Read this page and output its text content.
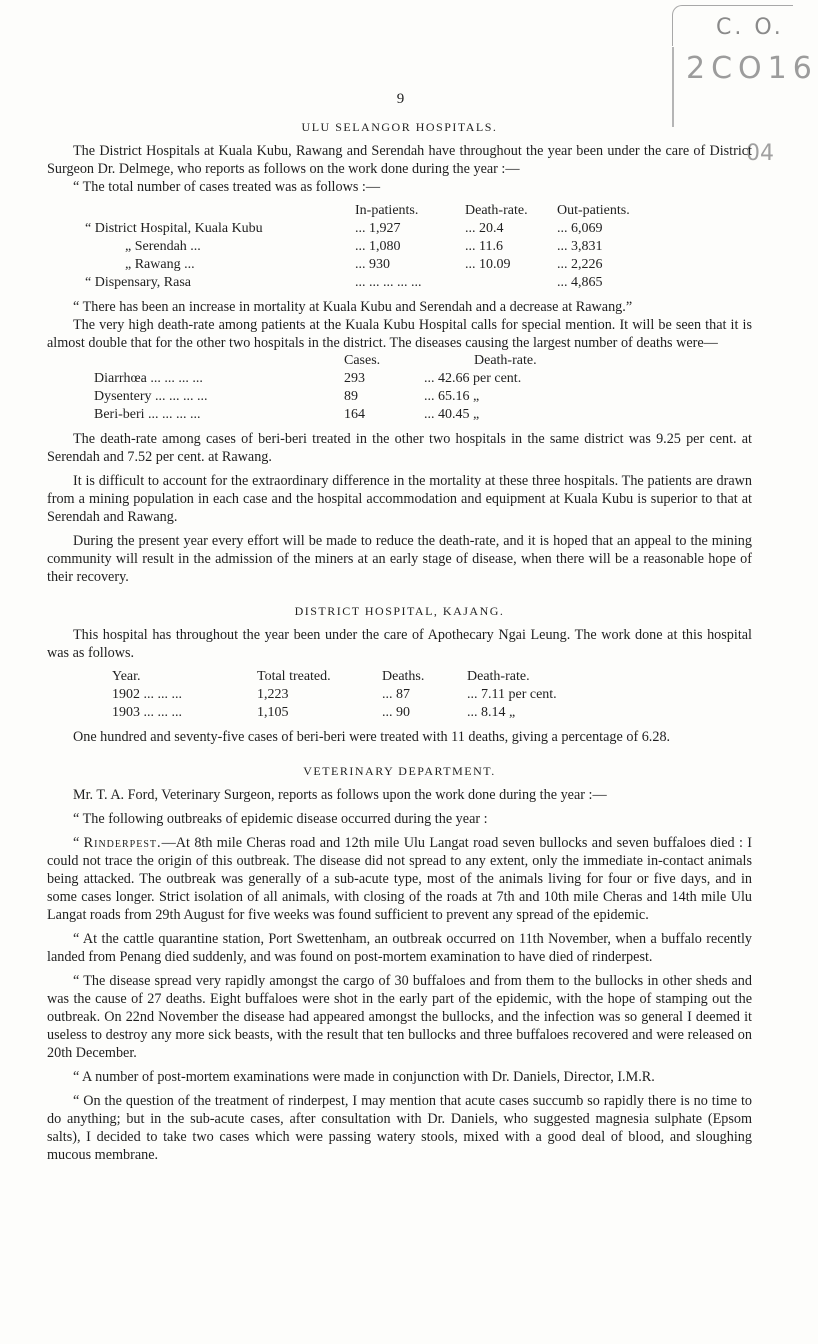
C. O.
2CO16
04
9
ULU SELANGOR HOSPITALS.

The District Hospitals at Kuala Kubu, Rawang and Serendah have throughout the year been under the care of District Surgeon Dr. Delmege, who reports as follows on the work done during the year :—

“ The total number of cases treated was as follows :—

	In-patients.	Death-rate.	Out-patients.
“ District Hospital, Kuala Kubu	... 1,927	... 20.4	... 6,069
„ Serendah ...	... 1,080	... 11.6	... 3,831
„ Rawang ...	... 930	... 10.09	... 2,226
“ Dispensary, Rasa	... ... ... ... ...		... 4,865

“ There has been an increase in mortality at Kuala Kubu and Serendah and a decrease at Rawang.”

The very high death-rate among patients at the Kuala Kubu Hospital calls for special mention. It will be seen that it is almost double that for the other two hospitals in the district. The diseases causing the largest number of deaths were—

	Cases.	Death-rate.
Diarrhœa ... ... ... ...	293	... 42.66 per cent.
Dysentery ... ... ... ...	89	... 65.16 „
Beri-beri ... ... ... ...	164	... 40.45 „

The death-rate among cases of beri-beri treated in the other two hospitals in the same district was 9.25 per cent. at Serendah and 7.52 per cent. at Rawang.

It is difficult to account for the extraordinary difference in the mortality at these three hospitals. The patients are drawn from a mining population in each case and the hospital accommodation and equipment at Kuala Kubu is superior to that at Serendah and Rawang.

During the present year every effort will be made to reduce the death-rate, and it is hoped that an appeal to the mining community will result in the admission of the miners at an early stage of disease, when there will be a reasonable hope of their recovery.

DISTRICT HOSPITAL, KAJANG.

This hospital has throughout the year been under the care of Apothecary Ngai Leung. The work done at this hospital was as follows.

Year.	Total treated.	Deaths.	Death-rate.
1902 ... ... ...	1,223	... 87	... 7.11 per cent.
1903 ... ... ...	1,105	... 90	... 8.14 „

One hundred and seventy-five cases of beri-beri were treated with 11 deaths, giving a percentage of 6.28.

VETERINARY DEPARTMENT.

Mr. T. A. Ford, Veterinary Surgeon, reports as follows upon the work done during the year :—

“ The following outbreaks of epidemic disease occurred during the year :

“ Rinderpest.—At 8th mile Cheras road and 12th mile Ulu Langat road seven bullocks and seven buffaloes died : I could not trace the origin of this outbreak. The disease did not spread to any extent, only the immediate in-contact animals being attacked. The outbreak was generally of a sub-acute type, most of the animals living for four or five days, and in some cases longer. Strict isolation of all animals, with closing of the roads at 7th and 10th mile Cheras and 14th mile Ulu Langat roads from 29th August for five weeks was found sufficient to prevent any spread of the epidemic.

“ At the cattle quarantine station, Port Swettenham, an outbreak occurred on 11th November, when a buffalo recently landed from Penang died suddenly, and was found on post-mortem examination to have died of rinderpest.

“ The disease spread very rapidly amongst the cargo of 30 buffaloes and from them to the bullocks in other sheds and was the cause of 27 deaths. Eight buffaloes were shot in the early part of the epidemic, with the hope of stamping out the outbreak. On 22nd November the disease had appeared amongst the bullocks, and the infection was so general I deemed it useless to destroy any more sick beasts, with the result that ten bullocks and three buffaloes recovered and were released on 20th December.

“ A number of post-mortem examinations were made in conjunction with Dr. Daniels, Director, I.M.R.

“ On the question of the treatment of rinderpest, I may mention that acute cases succumb so rapidly there is no time to do anything; but in the sub-acute cases, after consultation with Dr. Daniels, who suggested magnesia sulphate (Epsom salts), I decided to take two cases which were passing watery stools, mixed with a good deal of blood, and sloughing mucous membrane.
